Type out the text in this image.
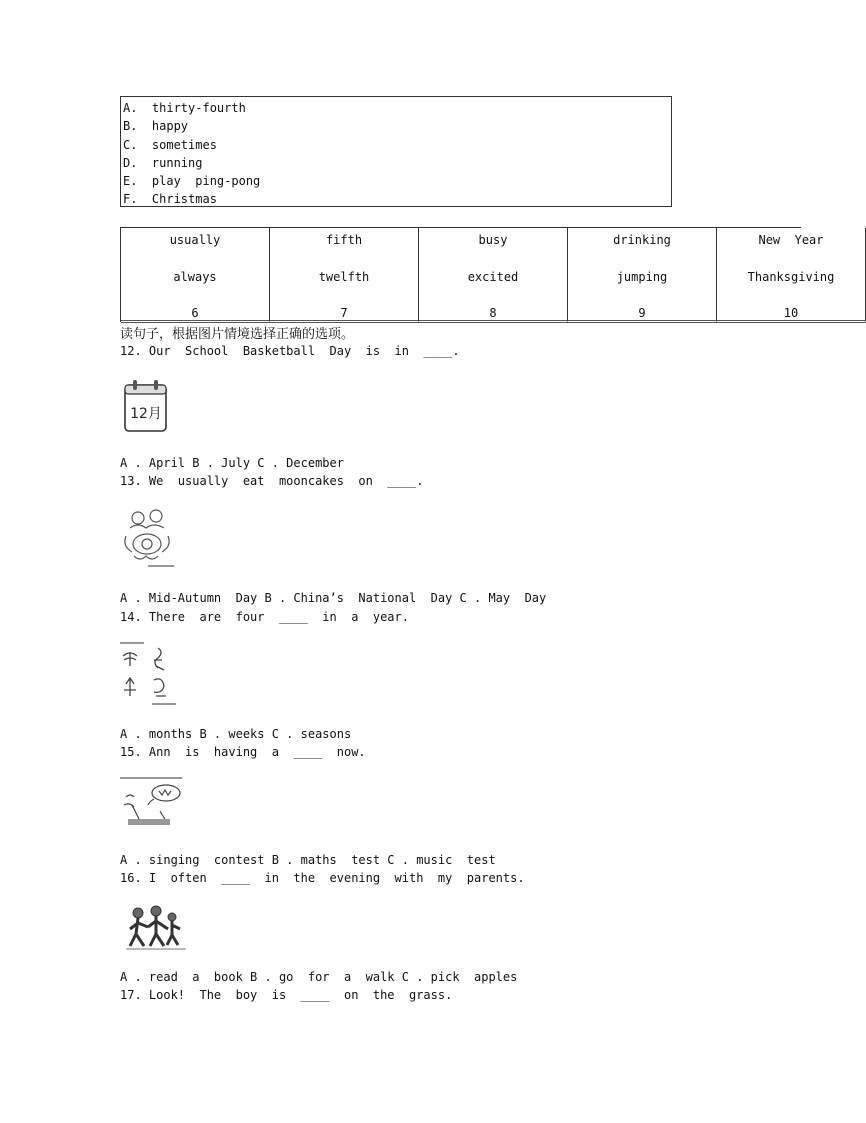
A. thirty-fourth
B. happy
C. sometimes
D. running
E. play  ping-pong
F. Christmas
usually
always
6
fifth
twelfth
7
busy
excited
8
drinking
jumping
9
New  Year
Thanksgiving
10
读句子，根据图片情境选择正确的选项。
12. Our  School  Basketball  Day  is  in  ____.
12月
A . April B . July C . December
13. We  usually  eat  mooncakes  on  ____.
A . Mid-Autumn  Day B . China’s  National  Day C . May  Day
14. There  are  four  ____  in  a  year.
A . months B . weeks C . seasons
15. Ann  is  having  a  ____  now.
A . singing  contest B . maths  test C . music  test
16. I  often  ____  in  the  evening  with  my  parents.
A . read  a  book B . go  for  a  walk C . pick  apples
17. Look!  The  boy  is  ____  on  the  grass.
